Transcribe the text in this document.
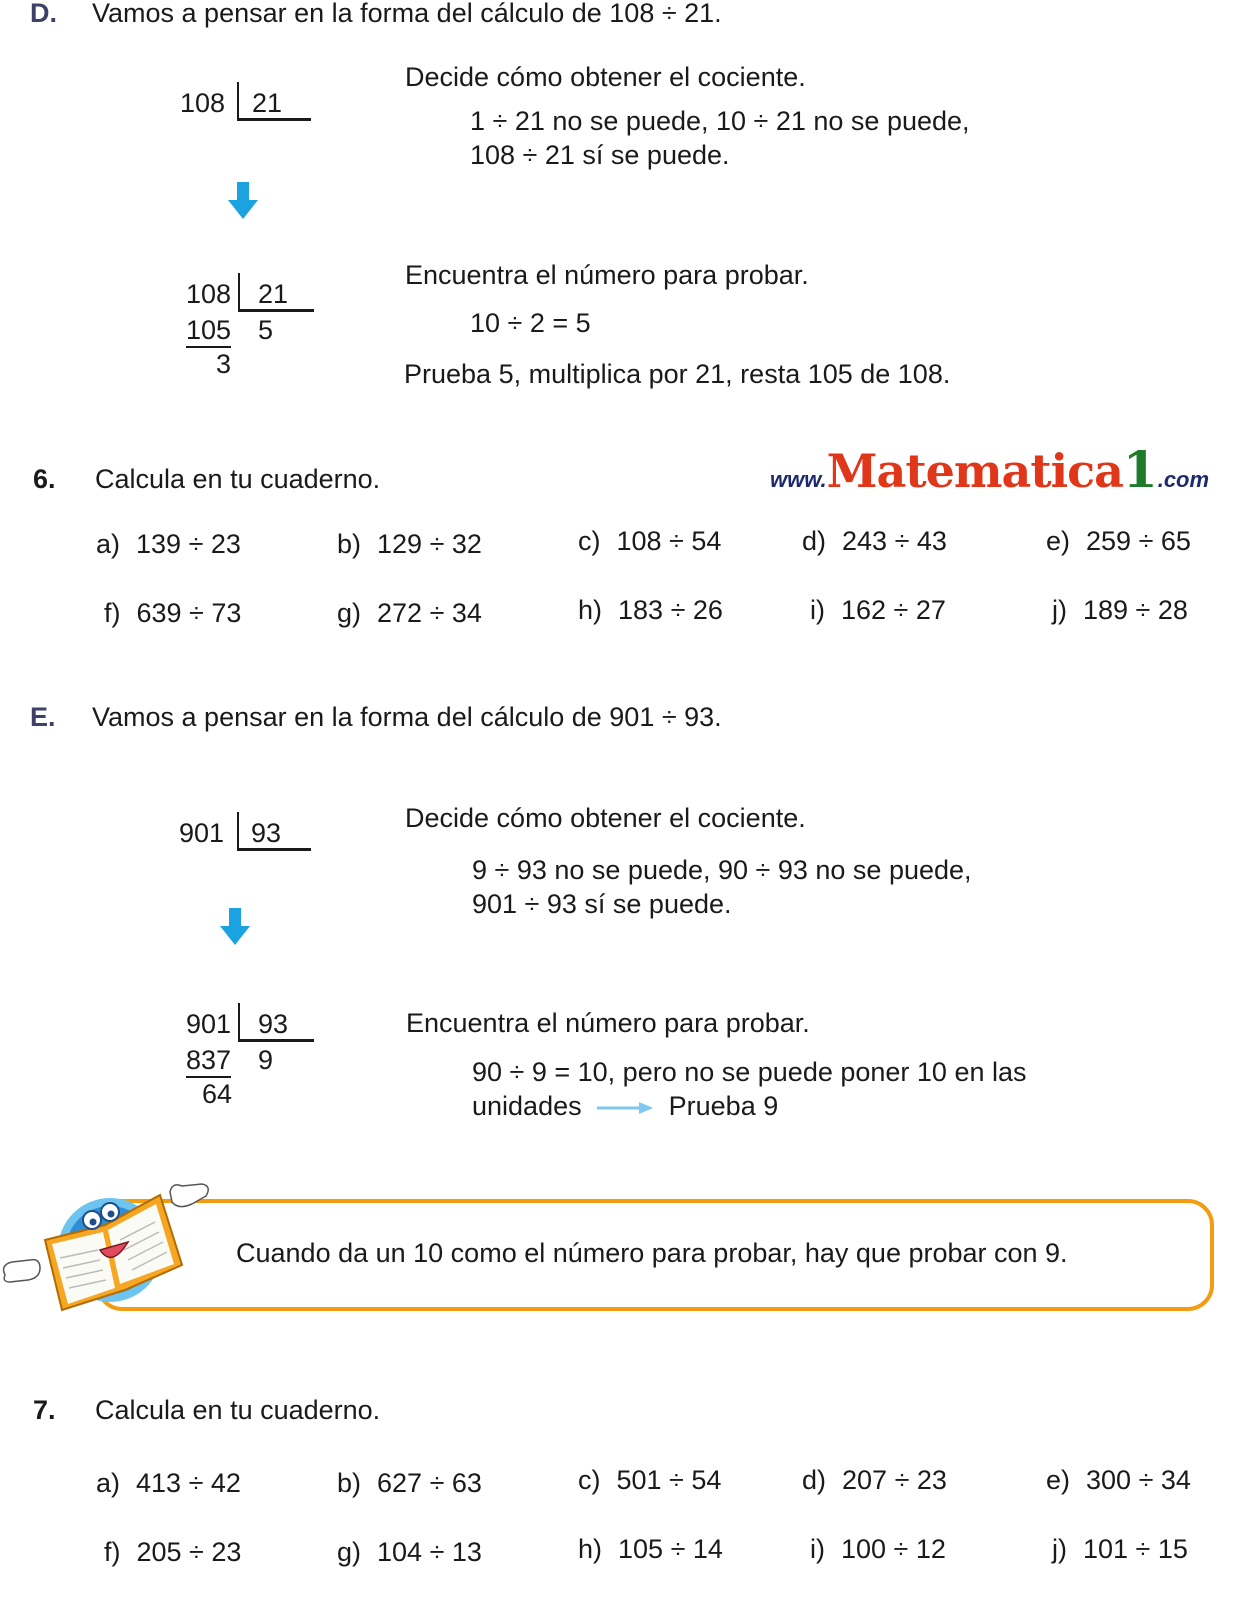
D. Vamos a pensar en la forma del cálculo de 108 ÷ 21.
108 21
Decide cómo obtener el cociente.
1 ÷ 21 no se puede, 10 ÷ 21 no se puede,
108 ÷ 21 sí se puede.
108 21
105 5
3
Encuentra el número para probar.
10 ÷ 2 = 5
Prueba 5, multiplica por 21, resta 105 de 108.
6. Calcula en tu cuaderno.	www.Matematica1.com
a) 139 ÷ 23	b) 129 ÷ 32	c) 108 ÷ 54	d) 243 ÷ 43	e) 259 ÷ 65
f) 639 ÷ 73	g) 272 ÷ 34	h) 183 ÷ 26	i) 162 ÷ 27	j) 189 ÷ 28
E. Vamos a pensar en la forma del cálculo de 901 ÷ 93.
901 93	Decide cómo obtener el cociente.
9 ÷ 93 no se puede, 90 ÷ 93 no se puede,
901 ÷ 93 sí se puede.
901 93
837 9
64
Encuentra el número para probar.
90 ÷ 9 = 10, pero no se puede poner 10 en las
unidades	Prueba 9
Cuando da un 10 como el número para probar, hay que probar con 9.
7. Calcula en tu cuaderno.
a) 413 ÷ 42	b) 627 ÷ 63	c) 501 ÷ 54	d) 207 ÷ 23	e) 300 ÷ 34
f) 205 ÷ 23	g) 104 ÷ 13	h) 105 ÷ 14	i) 100 ÷ 12	j) 101 ÷ 15
